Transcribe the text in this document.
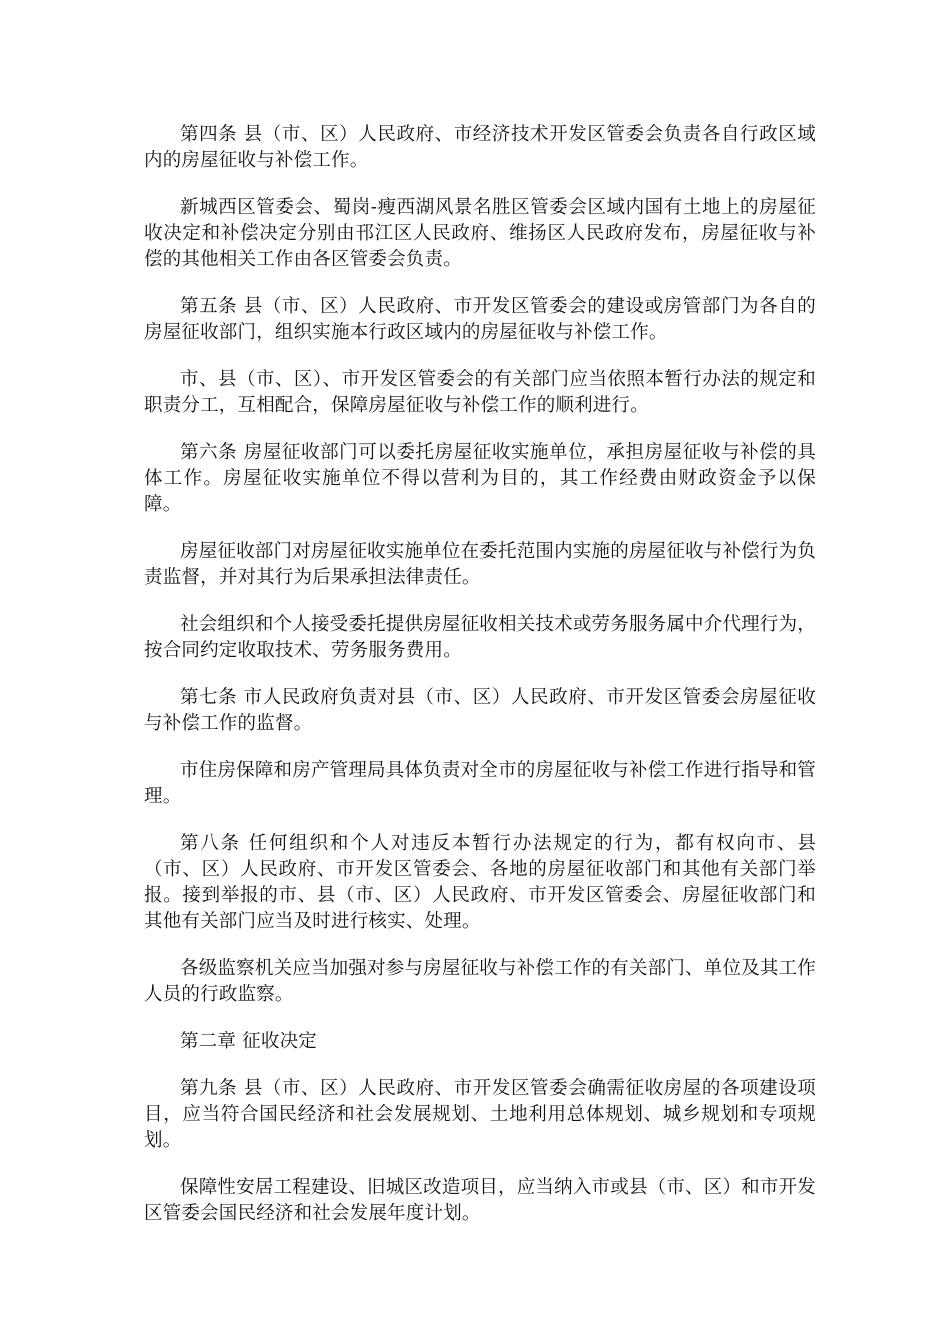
第四条 县（市、区）人民政府、市经济技术开发区管委会负责各自行政区域内的房屋征收与补偿工作。

新城西区管委会、蜀岗-瘦西湖风景名胜区管委会区域内国有土地上的房屋征收决定和补偿决定分别由邗江区人民政府、维扬区人民政府发布，房屋征收与补偿的其他相关工作由各区管委会负责。

第五条 县（市、区）人民政府、市开发区管委会的建设或房管部门为各自的房屋征收部门，组织实施本行政区域内的房屋征收与补偿工作。

市、县（市、区）、市开发区管委会的有关部门应当依照本暂行办法的规定和职责分工，互相配合，保障房屋征收与补偿工作的顺利进行。

第六条 房屋征收部门可以委托房屋征收实施单位，承担房屋征收与补偿的具体工作。房屋征收实施单位不得以营利为目的，其工作经费由财政资金予以保障。

房屋征收部门对房屋征收实施单位在委托范围内实施的房屋征收与补偿行为负责监督，并对其行为后果承担法律责任。

社会组织和个人接受委托提供房屋征收相关技术或劳务服务属中介代理行为，按合同约定收取技术、劳务服务费用。

第七条 市人民政府负责对县（市、区）人民政府、市开发区管委会房屋征收与补偿工作的监督。

市住房保障和房产管理局具体负责对全市的房屋征收与补偿工作进行指导和管理。

第八条 任何组织和个人对违反本暂行办法规定的行为，都有权向市、县（市、区）人民政府、市开发区管委会、各地的房屋征收部门和其他有关部门举报。接到举报的市、县（市、区）人民政府、市开发区管委会、房屋征收部门和其他有关部门应当及时进行核实、处理。

各级监察机关应当加强对参与房屋征收与补偿工作的有关部门、单位及其工作人员的行政监察。

第二章 征收决定

第九条 县（市、区）人民政府、市开发区管委会确需征收房屋的各项建设项目，应当符合国民经济和社会发展规划、土地利用总体规划、城乡规划和专项规划。

保障性安居工程建设、旧城区改造项目，应当纳入市或县（市、区）和市开发区管委会国民经济和社会发展年度计划。
